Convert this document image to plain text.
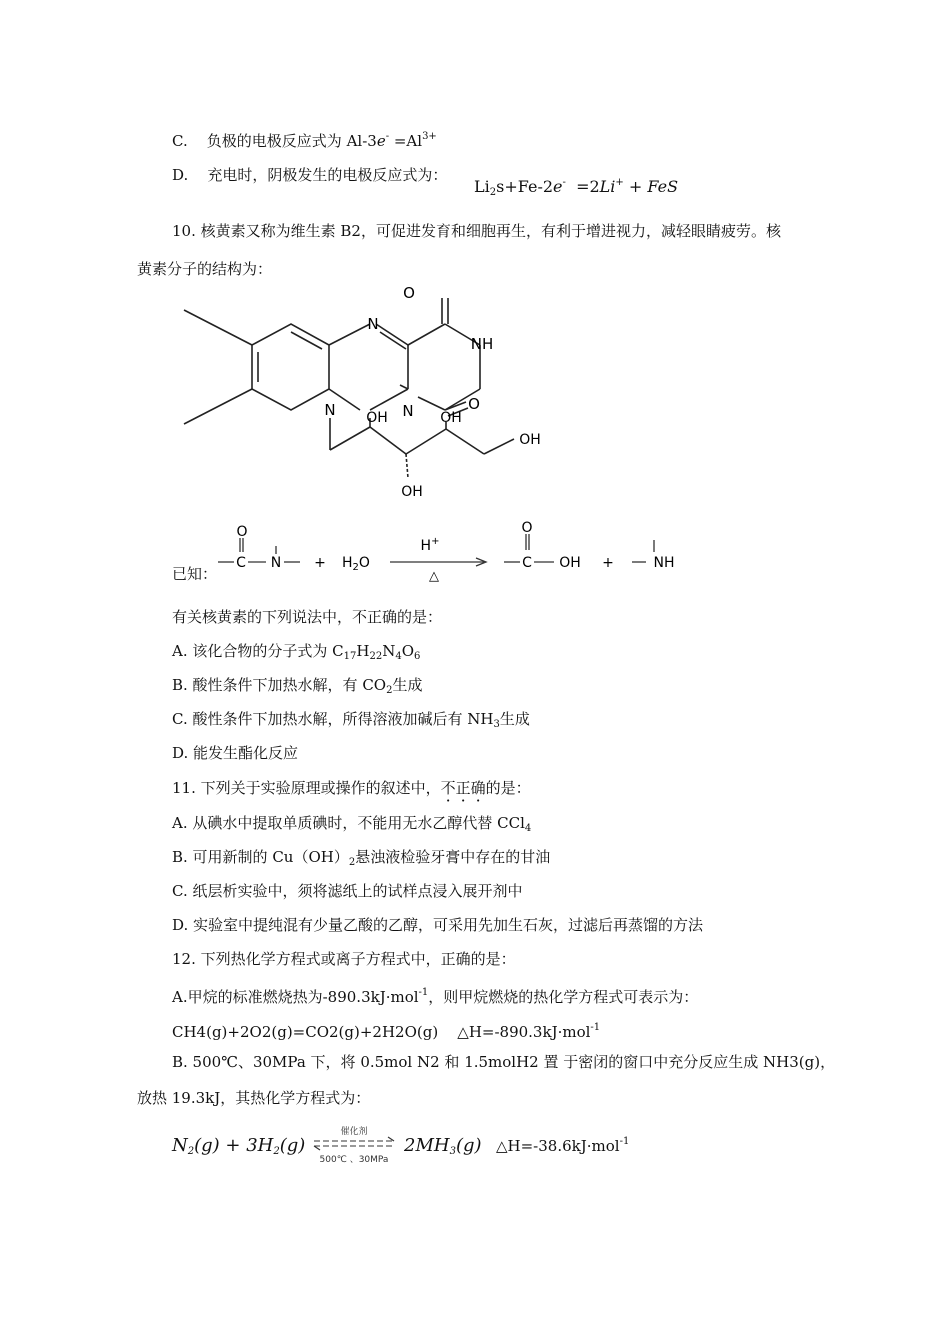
C. 负极的电极反应式为 $Al-3e^- =Al^{3+}$
D. 充电时，阴极发生的电极反应式为：
$Li_2s+Fe-2e^- =2Li^+$ + FeS
10. 核黄素又称为维生素 B2，可促进发育和细胞再生，有利于增进视力，减轻眼睛疲劳。核
黄素分子的结构为：
N
N	N
NH
O
O
OH	OH
OH
OH
已知：
O
C $N + H_2O$
H+
△
O
C OH +	NH
有关核黄素的下列说法中，不正确的是：
A. 该化合物的分子式为 $C_{17}H_{22}N_4O_6$
B. 酸性条件下加热水解，有 $CO_2$生成
C. 酸性条件下加热水解，所得溶液加碱后有 $NH_3$生成
D. 能发生酯化反应
11. 下列关于实验原理或操作的叙述中，不正确的是：
A. 从碘水中提取单质碘时，不能用无水乙醇代替 CCl$_4$
B. 可用新制的 $Cu(OH)_2$悬浊液检验牙膏中存在的甘油
C. 纸层析实验中，须将滤纸上的试样点浸入展开剂中
D. 实验室中提纯混有少量乙酸的乙醇，可采用先加生石灰，过滤后再蒸馏的方法
12. 下列热化学方程式或离子方程式中，正确的是：
A.甲烷的标准燃烧热为-890.3kJ·mol$^{-1}$，则甲烷燃烧的热化学方程式可表示为：
CH4(g)+2O2(g)=CO2(g)+2H2O(g) △H=-890.3kJ·mol$^{-1}$
B. 500℃、30MPa 下，将 0.5mol N2 和 1.5molH2 置 于密闭的窗口中充分反应生成 NH3(g)，
放热 19.3kJ，其热化学方程式为：
$N_2(g) + 3H_2(g)$
催化剂
500℃ 、30MPa
$2MH_3(g)$ △H=-38.6kJ·mol$^{-1}$
